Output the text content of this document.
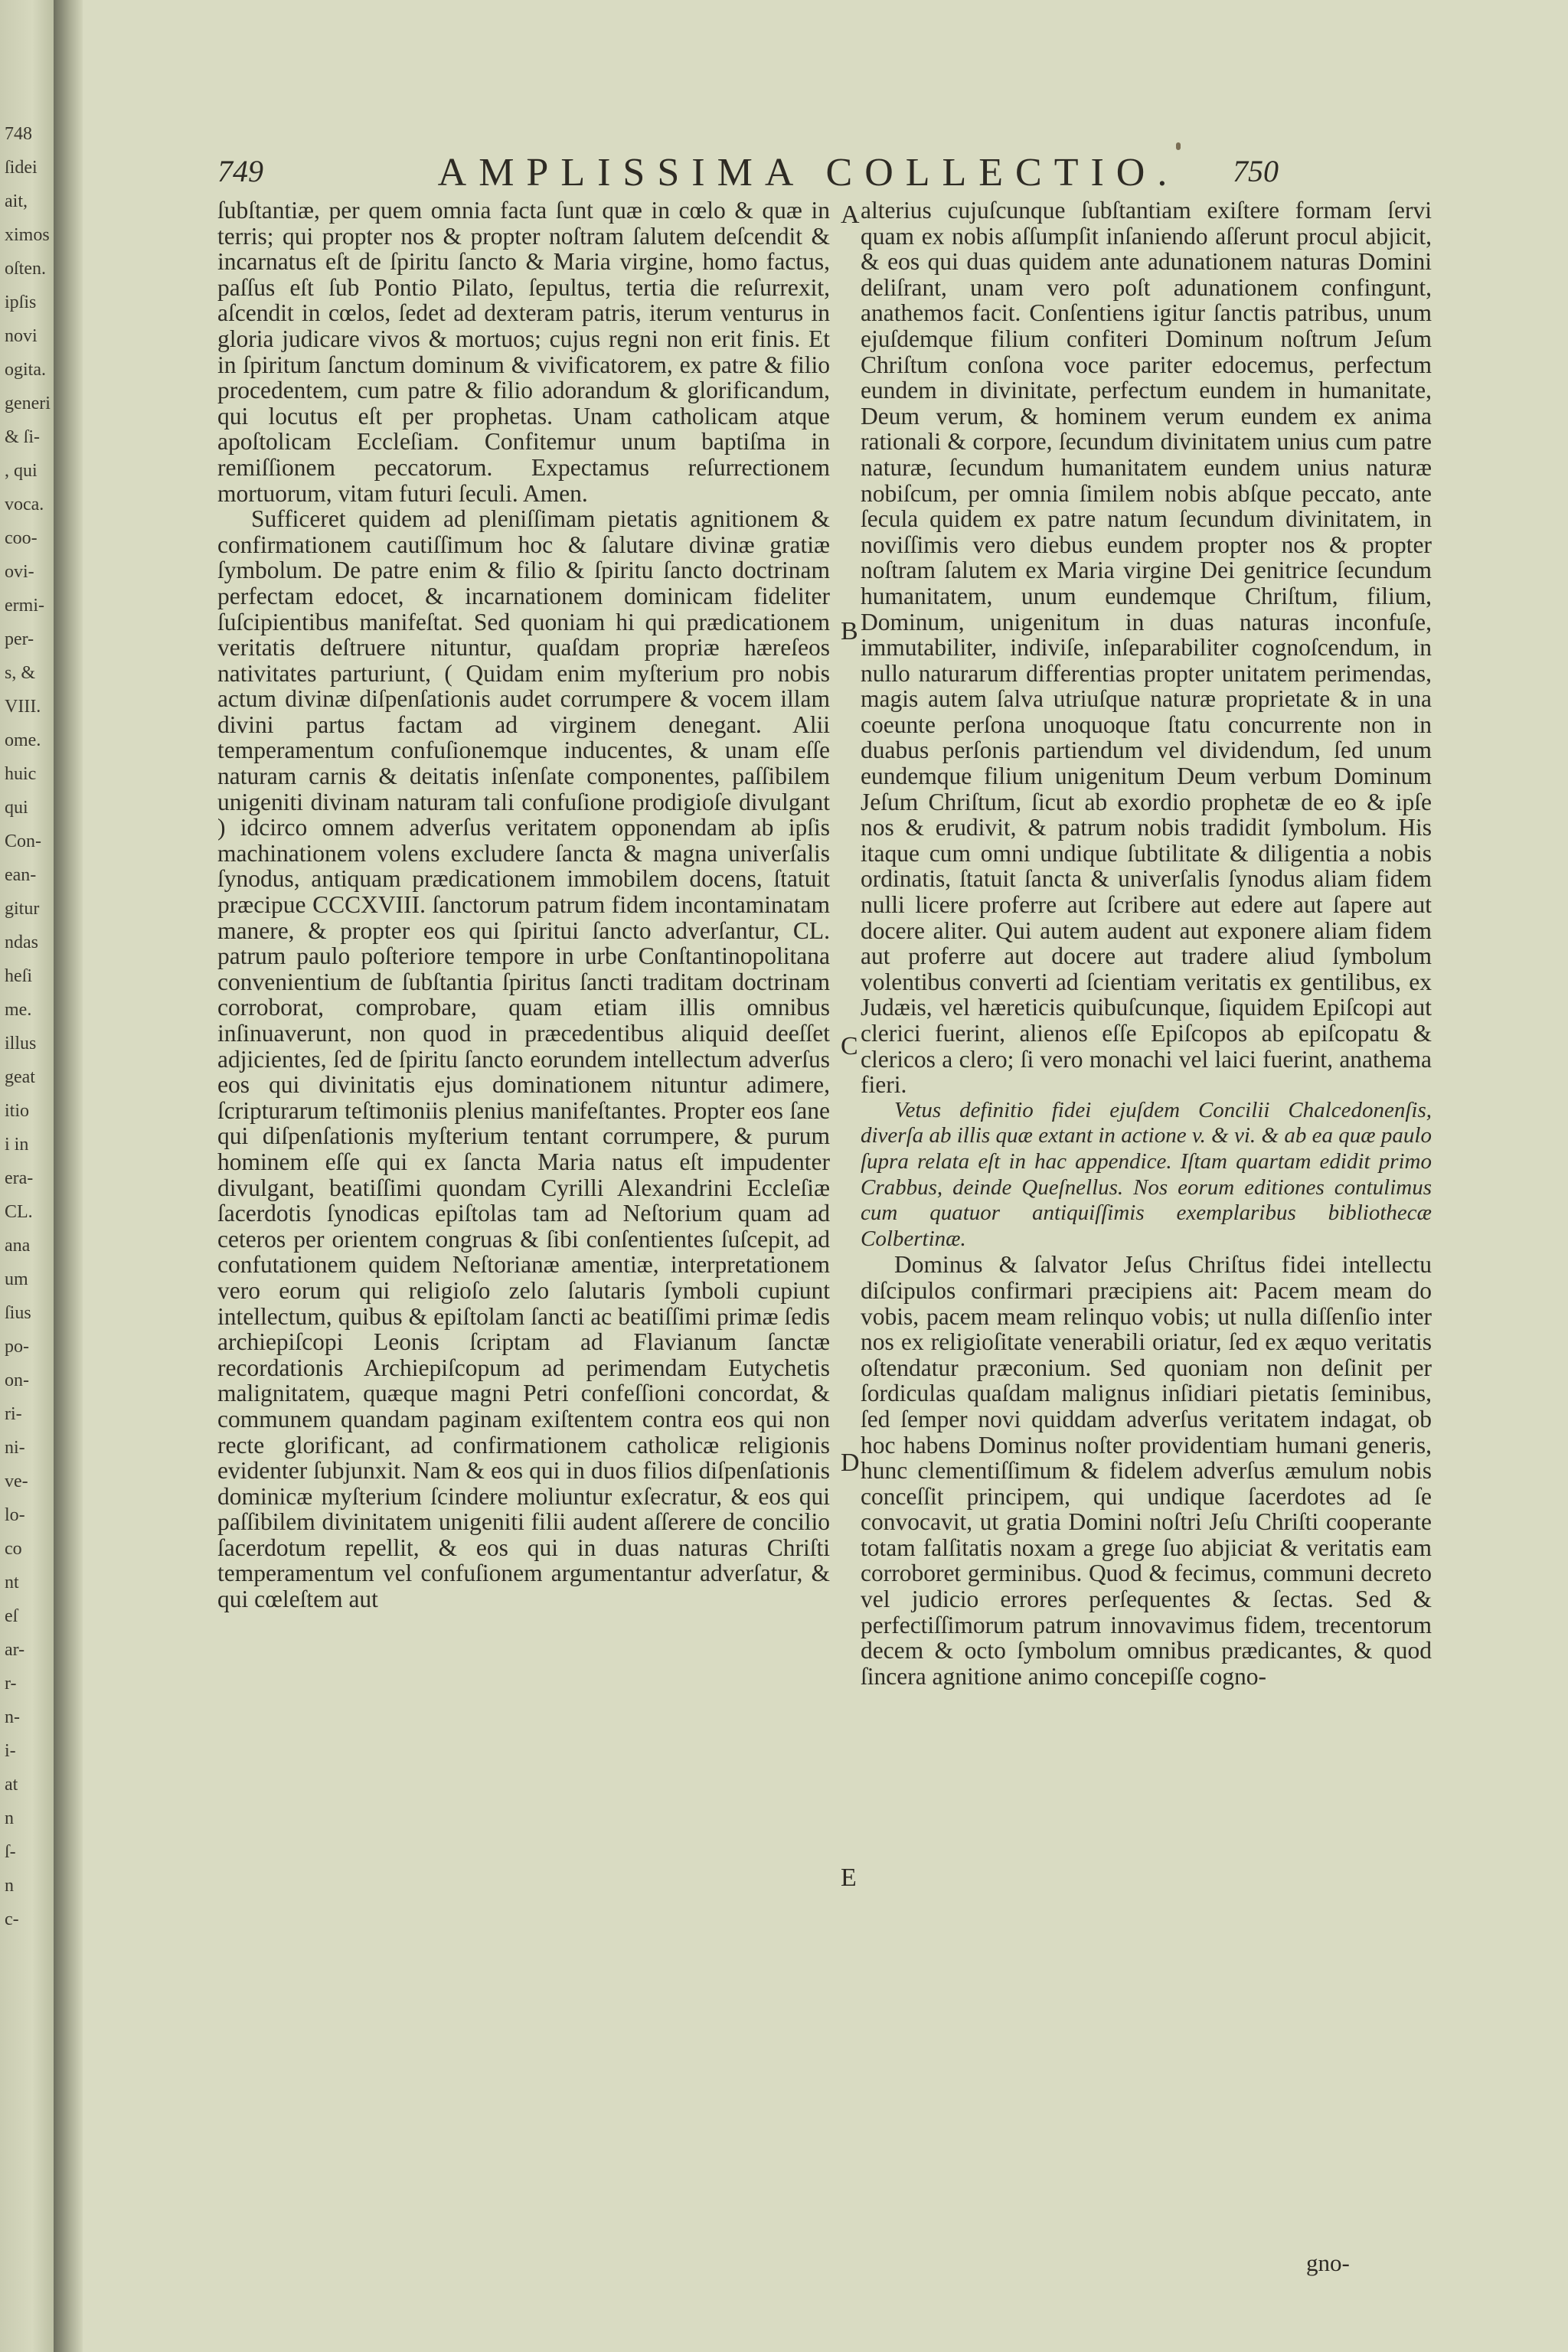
748
ſidei
ait,
ximos
oſten.
ipſis
novi
ogita.
generi
& ſi-
, qui
voca.
coo-
ovi-
ermi-
per-
s, &
VIII.
ome.
huic
qui
Con-
ean-
gitur
ndas
heſi
me.
illus
geat
itio
i in
era-
CL.
ana
um
ſius
po-
on-
ri-
ni-
ve-
lo-
co
nt
eſ
ar-
r-
n-
i-
at
n
ſ-
n
c-
749	AMPLISSIMA COLLECTIO.	750

ſubſtantiæ, per quem omnia facta ſunt quæ in cœlo & quæ in terris; qui propter nos & propter noſtram ſalutem deſcendit & incarnatus eſt de ſpiritu ſancto & Maria virgine, homo factus, paſſus eſt ſub Pontio Pilato, ſepultus, tertia die reſurrexit, aſcendit in cœlos, ſedet ad dexteram patris, iterum venturus in gloria judicare vivos & mortuos; cujus regni non erit finis. Et in ſpiritum ſanctum dominum & vivificatorem, ex patre & filio procedentem, cum patre & filio adorandum & glorificandum, qui locutus eſt per prophetas. Unam catholicam atque apoſtolicam Eccleſiam. Confitemur unum baptiſma in remiſſionem peccatorum. Expectamus reſurrectionem mortuorum, vitam futuri ſeculi. Amen.

Sufficeret quidem ad pleniſſimam pietatis agnitionem & confirmationem cautiſſimum hoc & ſalutare divinæ gratiæ ſymbolum. De patre enim & filio & ſpiritu ſancto doctrinam perfectam edocet, & incarnationem dominicam fideliter ſuſcipientibus manifeſtat. Sed quoniam hi qui prædicationem veritatis deſtruere nituntur, quaſdam propriæ hæreſeos nativitates parturiunt, ( Quidam enim myſterium pro nobis actum divinæ diſpenſationis audet corrumpere & vocem illam divini partus factam ad virginem denegant. Alii temperamentum confuſionemque inducentes, & unam eſſe naturam carnis & deitatis inſenſate componentes, paſſibilem unigeniti divinam naturam tali confuſione prodigioſe divulgant ) idcirco omnem adverſus veritatem opponendam ab ipſis machinationem volens excludere ſancta & magna univerſalis ſynodus, antiquam prædicationem immobilem docens, ſtatuit præcipue CCCXVIII. ſanctorum patrum fidem incontaminatam manere, & propter eos qui ſpiritui ſancto adverſantur, CL. patrum paulo poſteriore tempore in urbe Conſtantinopolitana convenientium de ſubſtantia ſpiritus ſancti traditam doctrinam corroborat, comprobare, quam etiam illis omnibus inſinuaverunt, non quod in præcedentibus aliquid deeſſet adjicientes, ſed de ſpiritu ſancto eorundem intellectum adverſus eos qui divinitatis ejus dominationem nituntur adimere, ſcripturarum teſtimoniis plenius manifeſtantes. Propter eos ſane qui diſpenſationis myſterium tentant corrumpere, & purum hominem eſſe qui ex ſancta Maria natus eſt impudenter divulgant, beatiſſimi quondam Cyrilli Alexandrini Eccleſiæ ſacerdotis ſynodicas epiſtolas tam ad Neſtorium quam ad ceteros per orientem congruas & ſibi conſentientes ſuſcepit, ad confutationem quidem Neſtorianæ amentiæ, interpretationem vero eorum qui religioſo zelo ſalutaris ſymboli cupiunt intellectum, quibus & epiſtolam ſancti ac beatiſſimi primæ ſedis archiepiſcopi Leonis ſcriptam ad Flavianum ſanctæ recordationis Archiepiſcopum ad perimendam Eutychetis malignitatem, quæque magni Petri confeſſioni concordat, & communem quandam paginam exiſtentem contra eos qui non recte glorificant, ad confirmationem catholicæ religionis evidenter ſubjunxit. Nam & eos qui in duos filios diſpenſationis dominicæ myſterium ſcindere moliuntur exſecratur, & eos qui paſſibilem divinitatem unigeniti filii audent aſſerere de concilio ſacerdotum repellit, & eos qui in duas naturas Chriſti temperamentum vel confuſionem argumentantur adverſatur, & qui cœleſtem aut

A
B
C
D
E

alterius cujuſcunque ſubſtantiam exiſtere formam ſervi quam ex nobis aſſumpſit inſaniendo aſſerunt procul abjicit, & eos qui duas quidem ante adunationem naturas Domini deliſrant, unam vero poſt adunationem confingunt, anathemos facit. Conſentiens igitur ſanctis patribus, unum ejuſdemque filium confiteri Dominum noſtrum Jeſum Chriſtum conſona voce pariter edocemus, perfectum eundem in divinitate, perfectum eundem in humanitate, Deum verum, & hominem verum eundem ex anima rationali & corpore, ſecundum divinitatem unius cum patre naturæ, ſecundum humanitatem eundem unius naturæ nobiſcum, per omnia ſimilem nobis abſque peccato, ante ſecula quidem ex patre natum ſecundum divinitatem, in noviſſimis vero diebus eundem propter nos & propter noſtram ſalutem ex Maria virgine Dei genitrice ſecundum humanitatem, unum eundemque Chriſtum, filium, Dominum, unigenitum in duas naturas inconfuſe, immutabiliter, indiviſe, inſeparabiliter cognoſcendum, in nullo naturarum differentias propter unitatem perimendas, magis autem ſalva utriuſque naturæ proprietate & in una coeunte perſona unoquoque ſtatu concurrente non in duabus perſonis partiendum vel dividendum, ſed unum eundemque filium unigenitum Deum verbum Dominum Jeſum Chriſtum, ſicut ab exordio prophetæ de eo & ipſe nos & erudivit, & patrum nobis tradidit ſymbolum. His itaque cum omni undique ſubtilitate & diligentia a nobis ordinatis, ſtatuit ſancta & univerſalis ſynodus aliam fidem nulli licere proferre aut ſcribere aut edere aut ſapere aut docere aliter. Qui autem audent aut exponere aliam fidem aut proferre aut docere aut tradere aliud ſymbolum volentibus converti ad ſcientiam veritatis ex gentilibus, ex Judæis, vel hæreticis quibuſcunque, ſiquidem Epiſcopi aut clerici fuerint, alienos eſſe Epiſcopos ab epiſcopatu & clericos a clero; ſi vero monachi vel laici fuerint, anathema fieri.

Vetus definitio fidei ejuſdem Concilii Chalcedonenſis, diverſa ab illis quæ extant in actione v. & vi. & ab ea quæ paulo ſupra relata eſt in hac appendice. Iſtam quartam edidit primo Crabbus, deinde Queſnellus. Nos eorum editiones contulimus cum quatuor antiquiſſimis exemplaribus bibliothecæ Colbertinæ.

Dominus & ſalvator Jeſus Chriſtus fidei intellectu diſcipulos confirmari præcipiens ait: Pacem meam do vobis, pacem meam relinquo vobis; ut nulla diſſenſio inter nos ex religioſitate venerabili oriatur, ſed ex æquo veritatis oſtendatur præconium. Sed quoniam non deſinit per ſordiculas quaſdam malignus inſidiari pietatis ſeminibus, ſed ſemper novi quiddam adverſus veritatem indagat, ob hoc habens Dominus noſter providentiam humani generis, hunc clementiſſimum & fidelem adverſus æmulum nobis conceſſit principem, qui undique ſacerdotes ad ſe convocavit, ut gratia Domini noſtri Jeſu Chriſti cooperante totam falſitatis noxam a grege ſuo abjiciat & veritatis eam corroboret germinibus. Quod & fecimus, communi decreto vel judicio errores perſequentes & ſectas. Sed & perfectiſſimorum patrum innovavimus fidem, trecentorum decem & octo ſymbolum omnibus prædicantes, & quod ſincera agnitione animo concepiſſe cogno-

gno-
